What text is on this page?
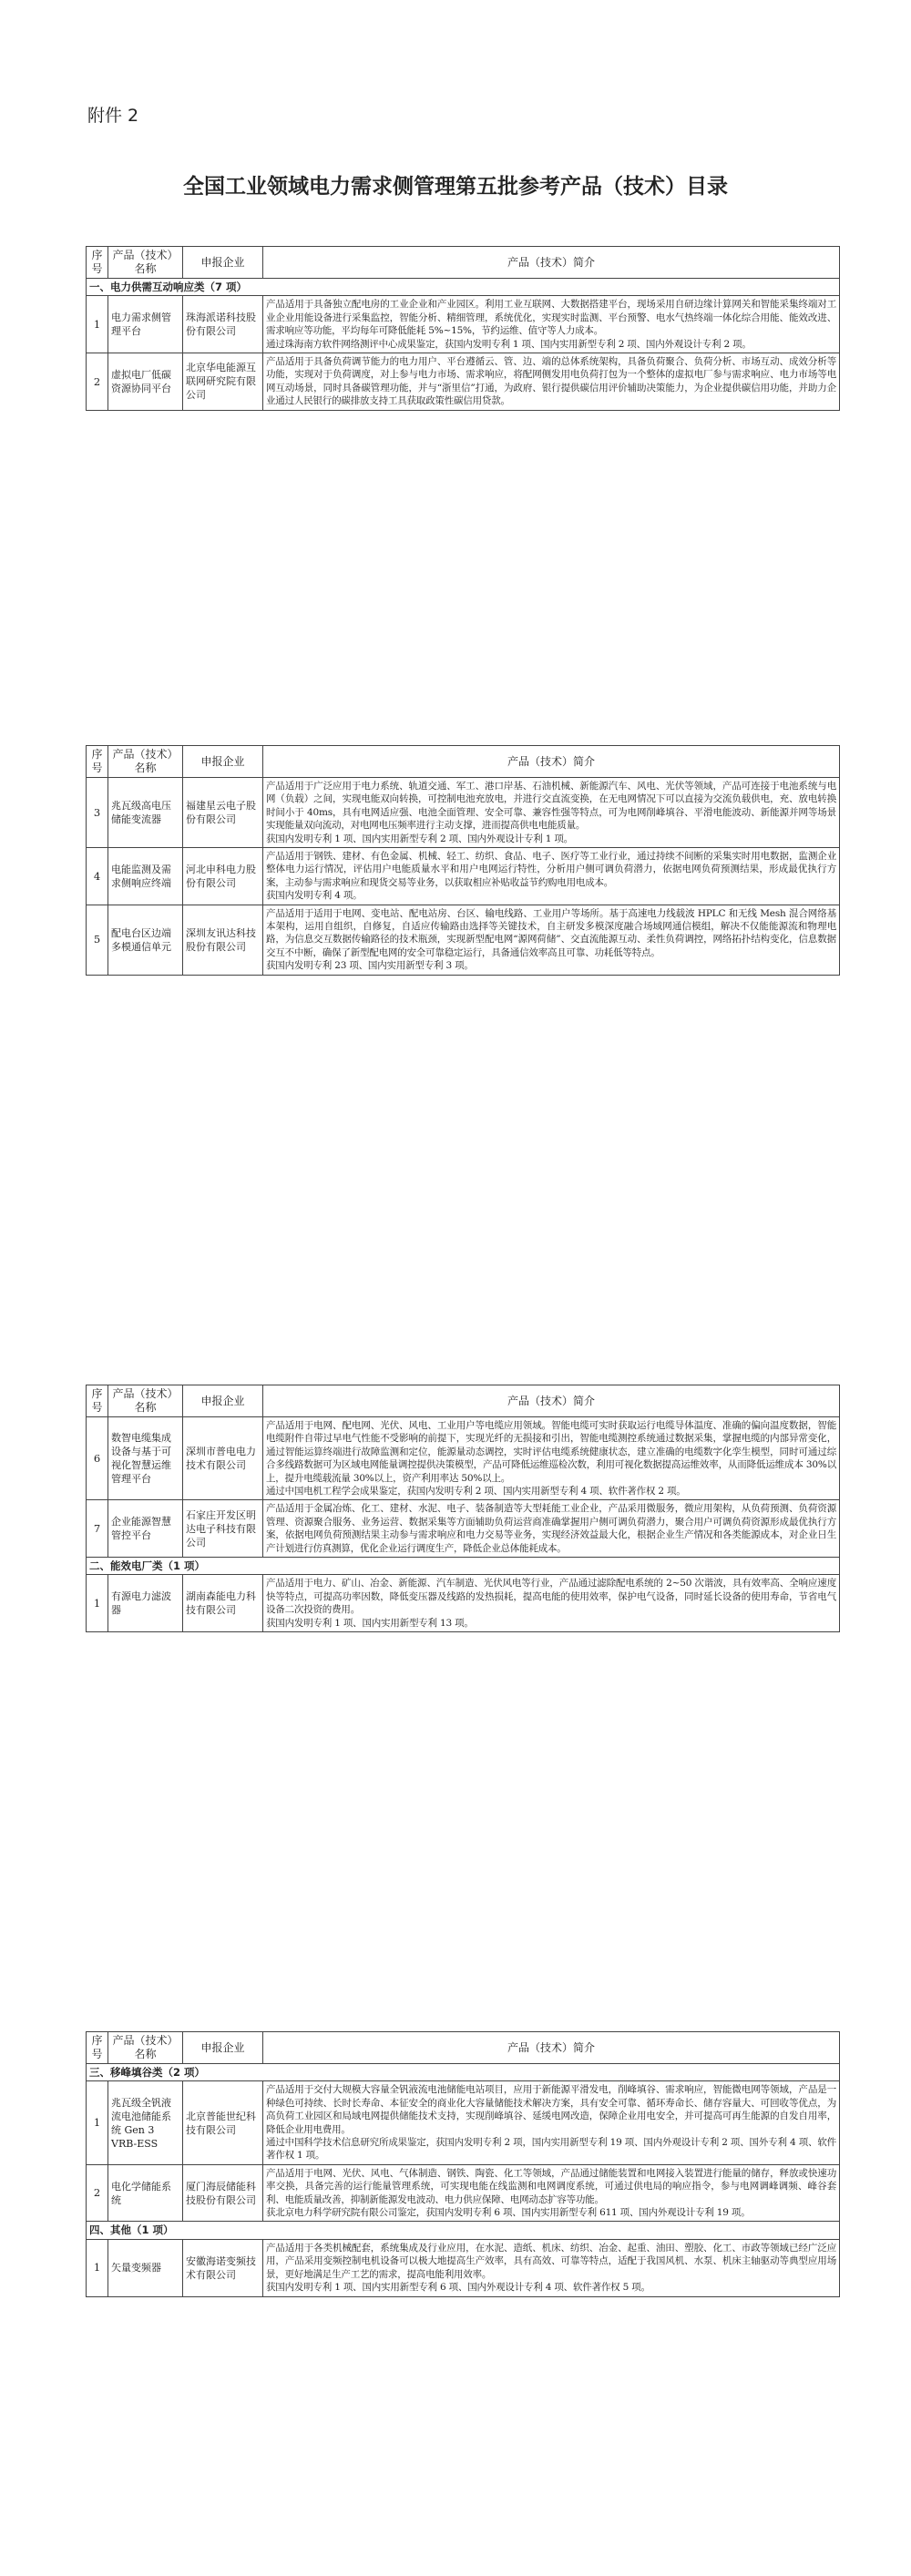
附件 2
全国工业领域电力需求侧管理第五批参考产品（技术）目录
序号	产品（技术）名称	申报企业	产品（技术）简介
一、电力供需互动响应类（7 项）			
1	电力需求侧管理平台	珠海派诺科技股份有限公司	产品适用于具备独立配电房的工业企业和产业园区。利用工业互联网、大数据搭建平台，现场采用自研边缘计算网关和智能采集终端对工业企业用能设备进行采集监控，智能分析、精细管理，系统优化，实现实时监测、平台预警、电水气热终端一体化综合用能、能效改进、需求响应等功能，平均每年可降低能耗 5%~15%，节约运维、值守等人力成本。
通过珠海南方软件网络测评中心成果鉴定，获国内发明专利 1 项、国内实用新型专利 2 项、国内外观设计专利 2 项。
2	虚拟电厂低碳资源协同平台	北京华电能源互联网研究院有限公司	产品适用于具备负荷调节能力的电力用户、平台遵循云、管、边、端的总体系统架构，具备负荷聚合、负荷分析、市场互动、成效分析等功能，实现对于负荷调度，对上参与电力市场、需求响应，将配网侧发用电负荷打包为一个整体的虚拟电厂参与需求响应、电力市场等电网互动场景，同时具备碳管理功能，并与“浙里信”打通，为政府、银行提供碳信用评价辅助决策能力，为企业提供碳信用功能，并助力企业通过人民银行的碳排放支持工具获取政策性碳信用贷款。
序号	产品（技术）名称	申报企业	产品（技术）简介
3	兆瓦级高电压储能变流器	福建星云电子股份有限公司	产品适用于广泛应用于电力系统、轨道交通、军工、港口岸基、石油机械、新能源汽车、风电、光伏等领域，产品可连接于电池系统与电网（负载）之间，实现电能双向转换，可控制电池充放电，并进行交直流变换，在无电网情况下可以直接为交流负载供电，充、放电转换时间小于 40ms，具有电网适应强、电池全面管理、安全可靠、兼容性强等特点，可为电网削峰填谷、平滑电能波动、新能源并网等场景实现能量双向流动，对电网电压频率进行主动支撑，进而提高供电电能质量。
获国内发明专利 1 项、国内实用新型专利 2 项、国内外观设计专利 1 项。
4	电能监测及需求侧响应终端	河北申科电力股份有限公司	产品适用于钢铁、建材、有色金属、机械、轻工、纺织、食品、电子、医疗等工业行业，通过持续不间断的采集实时用电数据，监测企业整体电力运行情况，评估用户电能质量水平和用户电网运行特性，分析用户侧可调负荷潜力，依据电网负荷预测结果，形成最优执行方案，主动参与需求响应和现货交易等业务，以获取相应补贴收益节约购电用电成本。
获国内发明专利 4 项。
5	配电台区边端多模通信单元	深圳友讯达科技股份有限公司	产品适用于适用于电网、变电站、配电站房、台区、输电线路、工业用户等场所。基于高速电力线载波 HPLC 和无线 Mesh 混合网络基本架构，运用自组织，自修复，自适应传输路由选择等关键技术，自主研发多模深度融合场域网通信模组，解决不仅能能源流和物理电路，为信息交互数据传输路径的技术瓶颈，实现新型配电网“源网荷储”、交直流能源互动、柔性负荷调控，网络拓扑结构变化，信息数据交互不中断，确保了新型配电网的安全可靠稳定运行，具备通信效率高且可靠、功耗低等特点。
获国内发明专利 23 项、国内实用新型专利 3 项。
序号	产品（技术）名称	申报企业	产品（技术）简介
6	数智电缆集成设备与基于可视化智慧运维管理平台	深圳市普电电力技术有限公司	产品适用于电网、配电网、光伏、风电、工业用户等电缆应用领域。智能电缆可实时获取运行电缆导体温度、准确的偏向温度数据，智能电缆附件自带过早电气性能不受影响的前提下，实现光纤的无损接和引出，智能电缆测控系统通过数据采集，掌握电缆的内部异常变化，通过智能运算终端进行故障监测和定位，能源量动态调控，实时评估电缆系统健康状态，建立准确的电缆数字化孪生模型，同时可通过综合多线路数据可为区域电网能量调控提供决策模型，产品可降低运维巡检次数，利用可视化数据提高运维效率，从而降低运维成本 30%以上，提升电缆载流量 30%以上，资产利用率达 50%以上。
通过中国电机工程学会成果鉴定，获国内发明专利 2 项、国内实用新型专利 4 项、软件著作权 2 项。
7	企业能源智慧管控平台	石家庄开发区明达电子科技有限公司	产品适用于金属冶炼、化工、建材、水泥、电子、装备制造等大型耗能工业企业，产品采用微服务，微应用架构，从负荷预测、负荷资源管理、资源聚合服务、业务运营、数据采集等方面辅助负荷运营商准确掌握用户侧可调负荷潜力，聚合用户可调负荷资源形成最优执行方案，依据电网负荷预测结果主动参与需求响应和电力交易等业务，实现经济效益最大化，根据企业生产情况和各类能源成本，对企业日生产计划进行仿真测算，优化企业运行调度生产，降低企业总体能耗成本。
二、能效电厂类（1 项）			
1	有源电力滤波器	湖南森能电力科技有限公司	产品适用于电力、矿山、冶金、新能源、汽车制造、光伏风电等行业，产品通过滤除配电系统的 2~50 次谐波，具有效率高、全响应速度快等特点，可提高功率因数，降低变压器及线路的发热损耗，提高电能的使用效率，保护电气设备，同时延长设备的使用寿命，节省电气设备二次投资的费用。
获国内发明专利 1 项、国内实用新型专利 13 项。
序号	产品（技术）名称	申报企业	产品（技术）简介
三、移峰填谷类（2 项）			
1	兆瓦级全钒液流电池储能系统 Gen 3 VRB-ESS	北京普能世纪科技有限公司	产品适用于交付大规模大容量全钒液流电池储能电站项目，应用于新能源平滑发电，削峰填谷、需求响应，智能微电网等领域，产品是一种绿色可持续、长时长寿命、本征安全的商业化大容量储能技术解决方案，具有安全可靠、循环寿命长、储存容量大、可回收等优点，为高负荷工业园区和局域电网提供储能技术支持，实现削峰填谷、延缓电网改造，保障企业用电安全，并可提高可再生能源的自发自用率，降低企业用电费用。
通过中国科学技术信息研究所成果鉴定，获国内发明专利 2 项，国内实用新型专利 19 项、国内外观设计专利 2 项、国外专利 4 项、软件著作权 1 项。
2	电化学储能系统	厦门海辰储能科技股份有限公司	产品适用于电网、光伏、风电、气体制造、钢铁、陶瓷、化工等领域，产品通过储能装置和电网接入装置进行能量的储存，释放或快速功率交换，具备完善的运行能量管理系统，可实现电能在线监测和电网调度系统，可通过供电局的响应指令，参与电网调峰调频、峰谷套利、电能质量改善，抑制新能源发电波动、电力供应保障、电网动态扩容等功能。
获北京电力科学研究院有限公司鉴定，获国内发明专利 6 项、国内实用新型专利 611 项、国内外观设计专利 19 项。
四、其他（1 项）			
1	矢量变频器	安徽海诺变频技术有限公司	产品适用于各类机械配套，系统集成及行业应用，在水泥、造纸、机床、纺织、冶金、起重、油田、塑胶、化工、市政等领域已经广泛应用，产品采用变频控制电机设备可以极大地提高生产效率，具有高效、可靠等特点，适配于我国风机、水泵、机床主轴驱动等典型应用场景，更好地满足生产工艺的需求，提高电能利用效率。
获国内发明专利 1 项、国内实用新型专利 6 项、国内外观设计专利 4 项、软件著作权 5 项。
